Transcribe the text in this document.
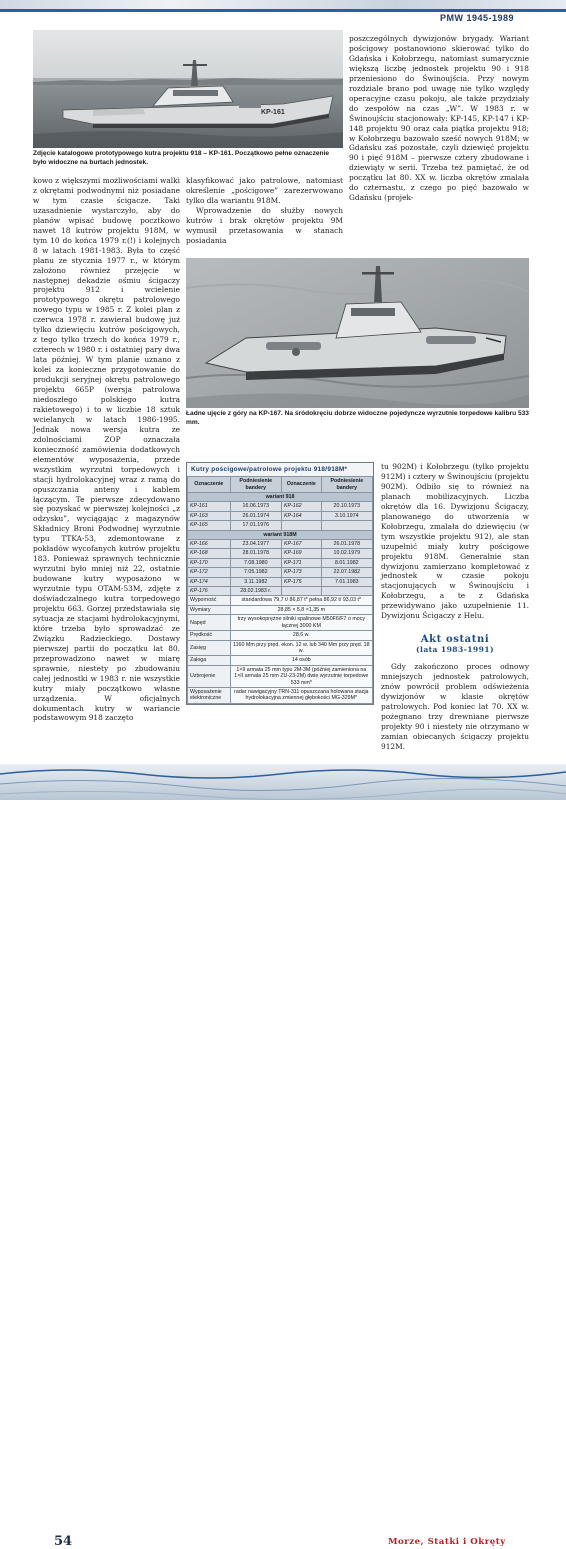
PMW 1945-1989
KP-161
Zdjęcie katalogowe prototypowego kutra projektu 918 – KP-161. Początkowo pełne oznaczenie było widoczne na burtach jednostek.

kowo z większymi możliwościami walki z okrętami podwodnymi niż posiadane w tym czasie ścigacze. Taki uzasadnienie wystarczyło, aby do planów wpisać budowę pocztkowo nawet 18 kutrów projektu 918M, w tym 10 do końca 1979 r.(!) i kolejnych 8 w latach 1981-1983. Była to część planu ze stycznia 1977 r., w którym założono również przejęcie w następnej dekadzie ośmiu ścigaczy projektu 912 i wcielenie prototypowego okrętu patrolowego nowego typu w 1985 r. Z kolei plan z czerwca 1978 r. zawierał budowę już tylko dziewięciu kutrów pościgowych, z tego tylko trzech do końca 1979 r., czterech w 1980 r. i ostatniej pary dwa lata później. W tym planie uznano z kolei za konieczne przygotowanie do produkcji seryjnej okrętu patrolowego projektu 665P (wersja patrolowa niedoszłego polskiego kutra rakietowego) i to w liczbie 18 sztuk wcielanych w latach 1986-1995. Jednak nowa wersja kutra ze zdolnościami ZOP oznaczała konieczność zamówienia dodatkowych elementów wyposażenia, przede wszystkim wyrzutni torpedowych i stacji hydrolokacyjnej wraz z ramą do opuszczania anteny i kablem łączącym. Te pierwsze zdecydowano się pozyskać w pierwszej kolejności „z odzysku”, wyciągając z magazynów Składnicy Broni Podwodnej wyrzutnie typu TTKA-53, zdemontowane z pokładów wycofanych kutrów projektu 183. Ponieważ sprawnych technicznie wyrzutni było mniej niż 22, ostatnie budowane kutry wyposażono w wyrzutnie typu OTAM-53M, zdjęte z doświadczalnego kutra torpedowego projektu 663. Gorzej przedstawiała się sytuacja ze stacjami hydrolokacyjnymi, które trzeba było sprowadzać ze Związku Radzieckiego. Dostawy pierwszej partii do początku lat 80. przeprowadzono nawet w miarę sprawnie, niestety po zbudowaniu całej jednostki w 1983 r. nie wszystkie kutry miały początkowo własne urządzenia. W oficjalnych dokumentach kutry w wariancie podstawowym 918 zaczęto

klasyfikować jako patrolowe, natomiast określenie „pościgowe” zarezerwowano tylko dla wariantu 918M.

Wprowadzenie do służby nowych kutrów i brak okrętów projektu 9M wymusił przetasowania w stanach posiadania

poszczególnych dywizjonów brygady. Wariant pościgowy postanowiono skierować tylko do Gdańska i Kołobrzegu, natomiast sumarycznie większą liczbę jednostek projektu 90 i 918 przeniesiono do Świnoujścia. Przy nowym rozdziale brano pod uwagę nie tylko względy operacyjne czasu pokoju, ale także przydziały do zespołów na czas „W”. W 1983 r. w Świnoujściu stacjonowały: KP-145, KP-147 i KP-148 projektu 90 oraz cała piątka projektu 918; w Kołobrzegu bazowało sześć nowych 918M; w Gdańsku zaś pozostałe, czyli dziewięć projektu 90 i pięć 918M – pierwsze cztery zbudowane i dziewiąty w serii. Trzeba też pamiętać, że od początku lat 80. XX w. liczba okrętów zmalała do czternastu, z czego po pięć bazowało w Gdańsku (projek-

Ładne ujęcie z góry na KP-167. Na śródokręciu dobrze widoczne pojedyncze wyrzutnie torpedowe kalibru 533 mm.
Kutry pościgowe/patrolowe projektu 918/918M*
Oznaczenie	Podniesienie bandery	Oznaczenie	Podniesienie bandery
wariant 918			
KP-161	16.06.1973	KP-162	20.10.1973
KP-163	26.01.1974	KP-164	3.10.1974
KP-165	17.01.1976		
wariant 918M			
KP-166	23.04.1977	KP-167	26.01.1978
KP-168	28.01.1978	KP-169	10.02.1979
KP-170	7.08.1980	KP-171	8.01.1982
KP-172	7.05.1982	KP-173	22.07.1982
KP-174	3.11.1982	KP-175	7.01.1983
KP-176	28.02.1983 r.		
Wyporność	standardowa 79,7 t/ 86,87 t* pełna 86,92 t/ 93,03 t*		
Wymiary	28,85 × 5,8 ×1,35 m		
Napęd	trzy wysokoprężne silniki spalinowe M50F6/F7 o mocy łącznej 3000 KM		
Prędkość	28,6 w.		
Zasięg	1160 Mm przy pręd. ekon. 12 w. lub 340 Mm przy pręd. 18 w.		
Załoga	14 osób		
Uzbrojenie	1×II armata 25 mm typu 2M-3M (później zamieniona na 1×II armata 25 mm ZU-23-2M) dwie wyrzutnie torpedowe 533 mm*		
Wyposażenie elektroniczne	radar nawigacyjny TRN-311 opuszczana holowana stacja hydrolokacyjna zmiennej głębokości MG-329M*		

tu 902M) i Kołobrzegu (tylko projektu 912M) i cztery w Świnoujściu (projektu 902M). Odbiło się to również na planach mobilizacyjnych. Liczba okrętów dla 16. Dywizjonu Ścigaczy, planowanego do utworzenia w Kołobrzegu, zmalała do dziewięciu (w tym wszystkie projektu 912), ale stan uzupełnić miały kutry pościgowe projektu 918M. Generalnie stan dywizjonu zamierzano kompletować z jednostek w czasie pokoju stacjonujących w Świnoujściu i Kołobrzegu, a te z Gdańska przewidywano jako uzupełnienie 11. Dywizjonu Ścigaczy z Helu.

Akt ostatni
(lata 1983-1991)

Gdy zakończono proces odnowy mniejszych jednostek patrolowych, znów powrócił problem odświeżenia dywizjonów w klasie okrętów patrolowych. Pod koniec lat 70. XX w. pożegnano trzy drewniane pierwsze projekty 90 i niestety nie otrzymano w zamian obiecanych ścigaczy projektu 912M.

54	Morze, Statki i Okręty
